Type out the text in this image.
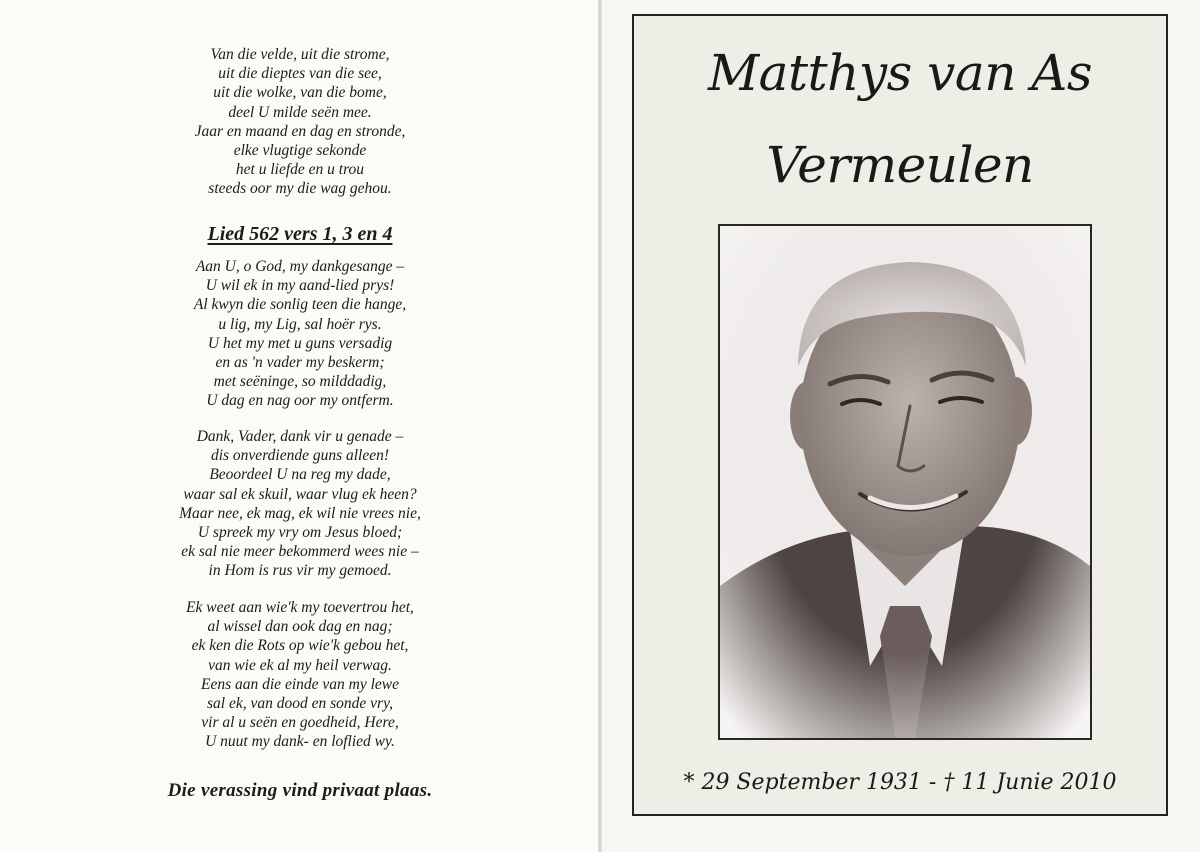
Van die velde, uit die strome,
uit die dieptes van die see,
uit die wolke, van die bome,
deel U milde seën mee.
Jaar en maand en dag en stronde,
elke vlugtige sekonde
het u liefde en u trou
steeds oor my die wag gehou.
Lied 562 vers 1, 3 en 4
Aan U, o God, my dankgesange –
U wil ek in my aand-lied prys!
Al kwyn die sonlig teen die hange,
u lig, my Lig, sal hoër rys.
U het my met u guns versadig
en as 'n vader my beskerm;
met seëninge, so milddadig,
U dag en nag oor my ontferm.
Dank, Vader, dank vir u genade –
dis onverdiende guns alleen!
Beoordeel U na reg my dade,
waar sal ek skuil, waar vlug ek heen?
Maar nee, ek mag, ek wil nie vrees nie,
U spreek my vry om Jesus bloed;
ek sal nie meer bekommerd wees nie –
in Hom is rus vir my gemoed.
Ek weet aan wie'k my toevertrou het,
al wissel dan ook dag en nag;
ek ken die Rots op wie'k gebou het,
van wie ek al my heil verwag.
Eens aan die einde van my lewe
sal ek, van dood en sonde vry,
vir al u seën en goedheid, Here,
U nuut my dank- en loflied wy.
Die verassing vind privaat plaas.
Matthys van As
Vermeulen
* 29 September 1931 - † 11 Junie 2010
